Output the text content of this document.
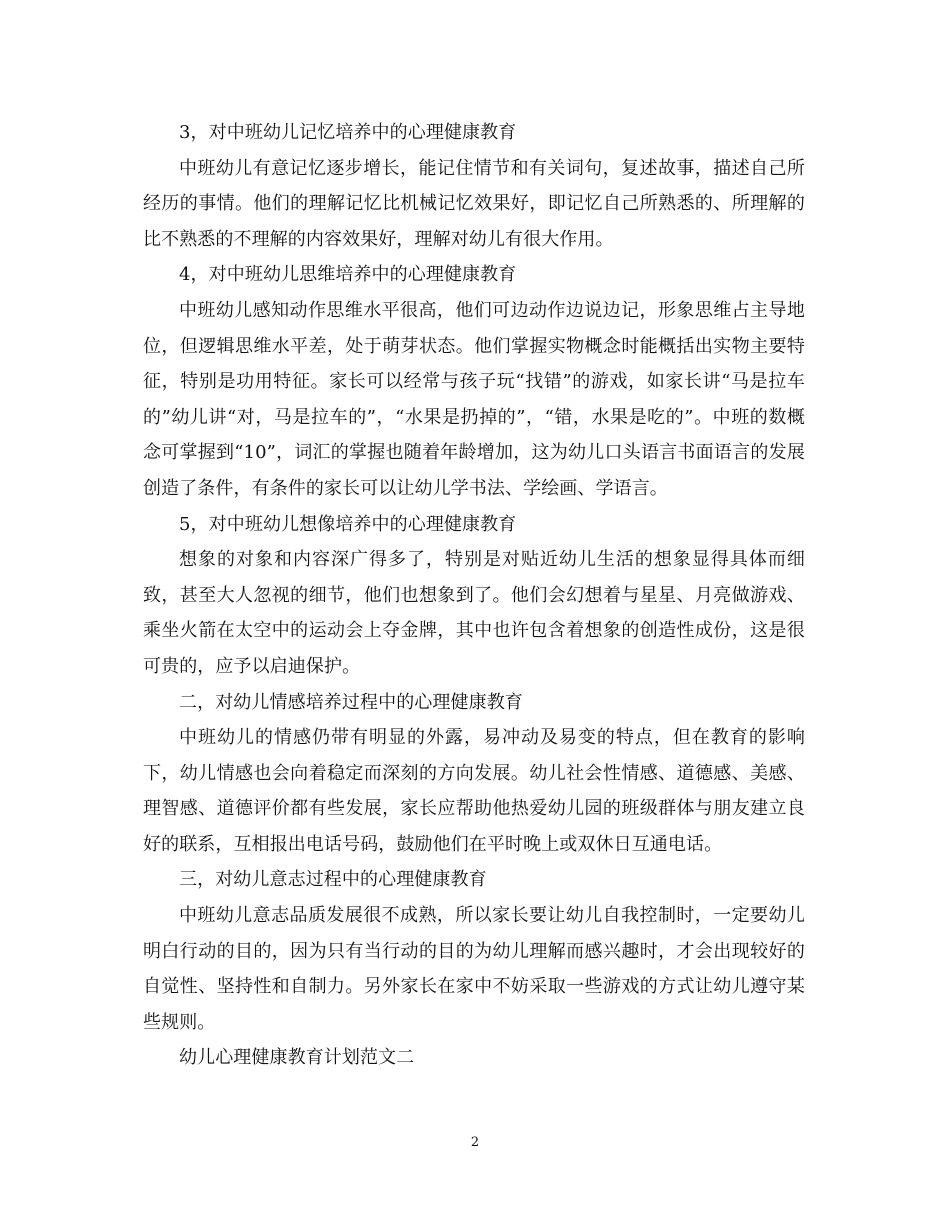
3，对中班幼儿记忆培养中的心理健康教育

中班幼儿有意记忆逐步增长，能记住情节和有关词句，复述故事，描述自己所经历的事情。他们的理解记忆比机械记忆效果好，即记忆自己所熟悉的、所理解的比不熟悉的不理解的内容效果好，理解对幼儿有很大作用。

4，对中班幼儿思维培养中的心理健康教育

中班幼儿感知动作思维水平很高，他们可边动作边说边记，形象思维占主导地位，但逻辑思维水平差，处于萌芽状态。他们掌握实物概念时能概括出实物主要特征，特别是功用特征。家长可以经常与孩子玩“找错”的游戏，如家长讲“马是拉车的”幼儿讲“对，马是拉车的”，“水果是扔掉的”，“错，水果是吃的”。中班的数概念可掌握到“10”，词汇的掌握也随着年龄增加，这为幼儿口头语言书面语言的发展创造了条件，有条件的家长可以让幼儿学书法、学绘画、学语言。

5，对中班幼儿想像培养中的心理健康教育

想象的对象和内容深广得多了，特别是对贴近幼儿生活的想象显得具体而细致，甚至大人忽视的细节，他们也想象到了。他们会幻想着与星星、月亮做游戏、乘坐火箭在太空中的运动会上夺金牌，其中也许包含着想象的创造性成份，这是很可贵的，应予以启迪保护。

二，对幼儿情感培养过程中的心理健康教育

中班幼儿的情感仍带有明显的外露，易冲动及易变的特点，但在教育的影响下，幼儿情感也会向着稳定而深刻的方向发展。幼儿社会性情感、道德感、美感、理智感、道德评价都有些发展，家长应帮助他热爱幼儿园的班级群体与朋友建立良好的联系，互相报出电话号码，鼓励他们在平时晚上或双休日互通电话。

三，对幼儿意志过程中的心理健康教育

中班幼儿意志品质发展很不成熟，所以家长要让幼儿自我控制时，一定要幼儿明白行动的目的，因为只有当行动的目的为幼儿理解而感兴趣时，才会出现较好的自觉性、坚持性和自制力。另外家长在家中不妨采取一些游戏的方式让幼儿遵守某些规则。

幼儿心理健康教育计划范文二

2
